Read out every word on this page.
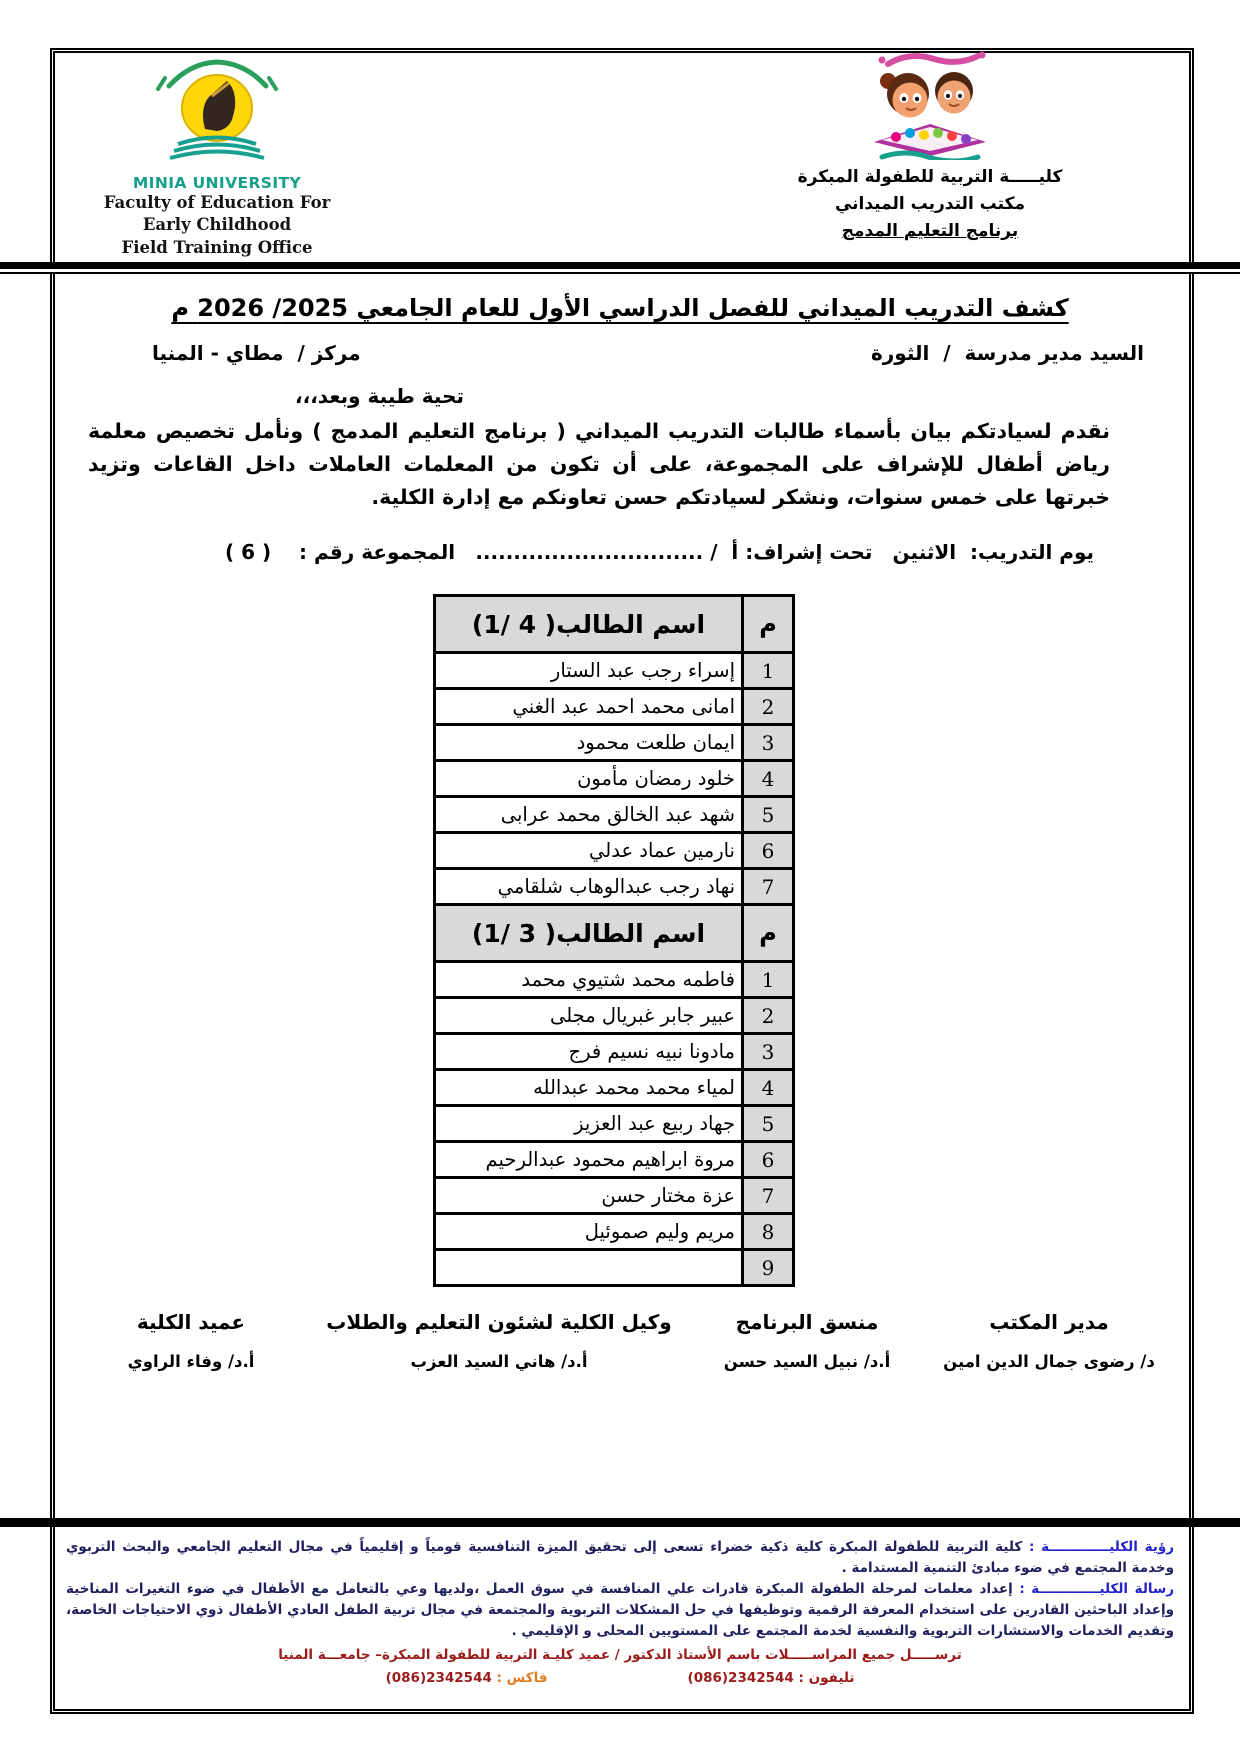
MINIA UNIVERSITY
Faculty of Education For
Early Childhood
Field Training Office
كليـــــة التربية للطفولة المبكرة
مكتب التدريب الميداني
برنامج التعليم المدمج
كشف التدريب الميداني للفصل الدراسي الأول للعام الجامعي 2025/ 2026 م
السيد مدير مدرسة  /  الثورة
مركز /  مطاي - المنيا
تحية طيبة وبعد،،،
نقدم لسيادتكم بيان بأسماء طالبات التدريب الميداني ( برنامج التعليم المدمج ) ونأمل تخصيص معلمة رياض أطفال للإشراف على المجموعة، على أن تكون من المعلمات العاملات داخل القاعات وتزيد خبرتها على خمس سنوات، ونشكر لسيادتكم حسن تعاونكم مع إدارة الكلية.
يوم التدريب:  الاثنين
تحت إشراف: أ  / ..............................
المجموعة رقم :    ( 6 )
م	اسم الطالب( 4 /1)
1	إسراء رجب عبد الستار
2	امانى محمد احمد عبد الغني
3	ايمان طلعت محمود
4	خلود رمضان مأمون
5	شهد عبد الخالق محمد عرابى
6	نارمين عماد عدلي
7	نهاد رجب عبدالوهاب شلقامي
م	اسم الطالب( 3 /1)
1	فاطمه محمد شتيوي محمد
2	عبير جابر غبريال مجلى
3	مادونا نبيه نسيم فرج
4	لمياء محمد محمد عبدالله
5	جهاد ربيع عبد العزيز
6	مروة ابراهيم محمود عبدالرحيم
7	عزة مختار حسن
8	مريم وليم صموئيل
9	
مدير المكتب
منسق البرنامج
وكيل الكلية لشئون التعليم والطلاب
عميد الكلية
د/ رضوى جمال الدين امين
أ.د/ نبيل السيد حسن
أ.د/ هاني السيد العزب
أ.د/ وفاء الراوي
رؤية الكليـــــــــــــة : كلية التربية للطفولة المبكرة كلية ذكية خضراء تسعى إلى تحقيق الميزة التنافسية قومياً و إقليمياً في مجال التعليم الجامعي والبحث التربوي وخدمة المجتمع في ضوء مبادئ التنمية المستدامة .
رسالة الكليـــــــــــــة : إعداد معلمات لمرحلة الطفولة المبكرة قادرات علي المنافسة في سوق العمل ،ولديها وعي بالتعامل مع الأطفال في ضوء التغيرات المناخية وإعداد الباحثين القادرين على استخدام المعرفة الرقمية وتوظيفها في حل المشكلات التربوية والمجتمعة في مجال تربية الطفل العادي الأطفال ذوي الاحتياجات الخاصة، وتقديم الخدمات والاستشارات التربوية والنفسية لخدمة المجتمع على المستويين المحلى و الإقليمي .
ترســـــل جميع المراســـــلات باسم الأستاذ الدكتور / عميد كليـة التربية للطفولة المبكرة– جامعـــة المنيا
تليفون : (086)2342544
فاكس : (086)2342544
